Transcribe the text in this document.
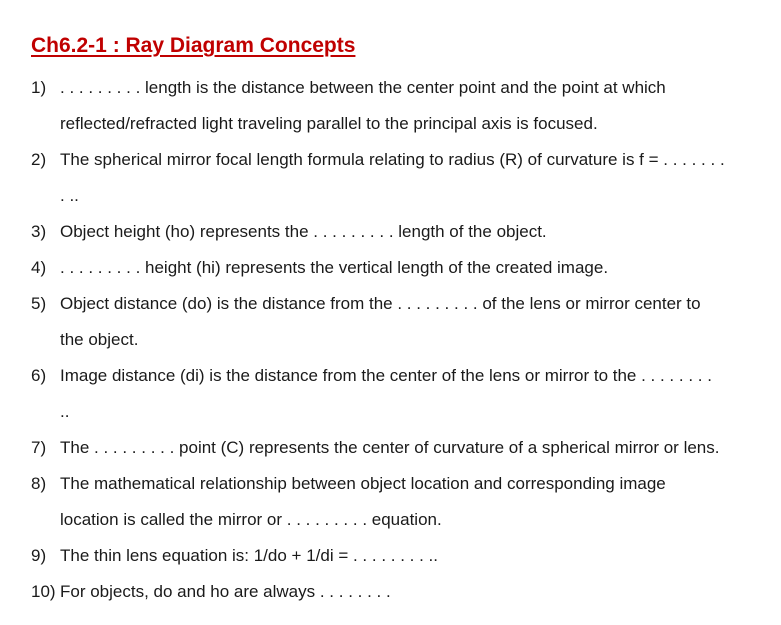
Ch6.2-1 : Ray Diagram Concepts
1) . . . . . . . . . length is the distance between the center point and the point at which
reflected/refracted light traveling parallel to the principal axis is focused.
2) The spherical mirror focal length formula relating to radius (R) of curvature is f = . . . . . . .
. ..
3) Object height (ho) represents the . . . . . . . . . length of the object.
4) . . . . . . . . . height (hi) represents the vertical length of the created image.
5) Object distance (do) is the distance from the . . . . . . . . . of the lens or mirror center to
the object.
6) Image distance (di) is the distance from the center of the lens or mirror to the . . . . . . . .
..
7) The . . . . . . . . . point (C) represents the center of curvature of a spherical mirror or lens.
8) The mathematical relationship between object location and corresponding image
location is called the mirror or . . . . . . . . . equation.
9) The thin lens equation is: 1/do + 1/di = . . . . . . . . ..
10) For objects, do and ho are always . . . . . . . .
